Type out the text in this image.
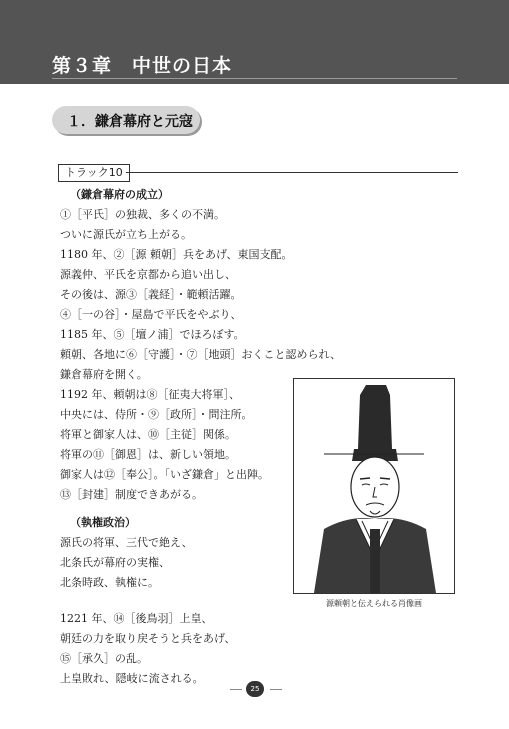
第３章　中世の日本
１．鎌倉幕府と元寇
トラック10
（鎌倉幕府の成立）
①［平氏］の独裁、多くの不満。
ついに源氏が立ち上がる。
1180 年、②［源 頼朝］兵をあげ、東国支配。
源義仲、平氏を京都から追い出し、
その後は、源③［義経］・範頼活躍。
④［一の谷］・屋島で平氏をやぶり、
1185 年、⑤［壇ノ浦］でほろぼす。
頼朝、各地に⑥［守護］・⑦［地頭］おくこと認められ、
鎌倉幕府を開く。
1192 年、頼朝は⑧［征夷大将軍］、
中央には、侍所・⑨［政所］・問注所。
将軍と御家人は、⑩［主従］関係。
将軍の⑪［御恩］は、新しい領地。
御家人は⑫［奉公］。「いざ鎌倉」と出陣。
⑬［封建］制度できあがる。
（執権政治）
源氏の将軍、三代で絶え、
北条氏が幕府の実権、
北条時政、執権に。
1221 年、⑭［後鳥羽］上皇、
朝廷の力を取り戻そうと兵をあげ、
⑮［承久］の乱。
上皇敗れ、隠岐に流される。
源頼朝と伝えられる肖像画
25
